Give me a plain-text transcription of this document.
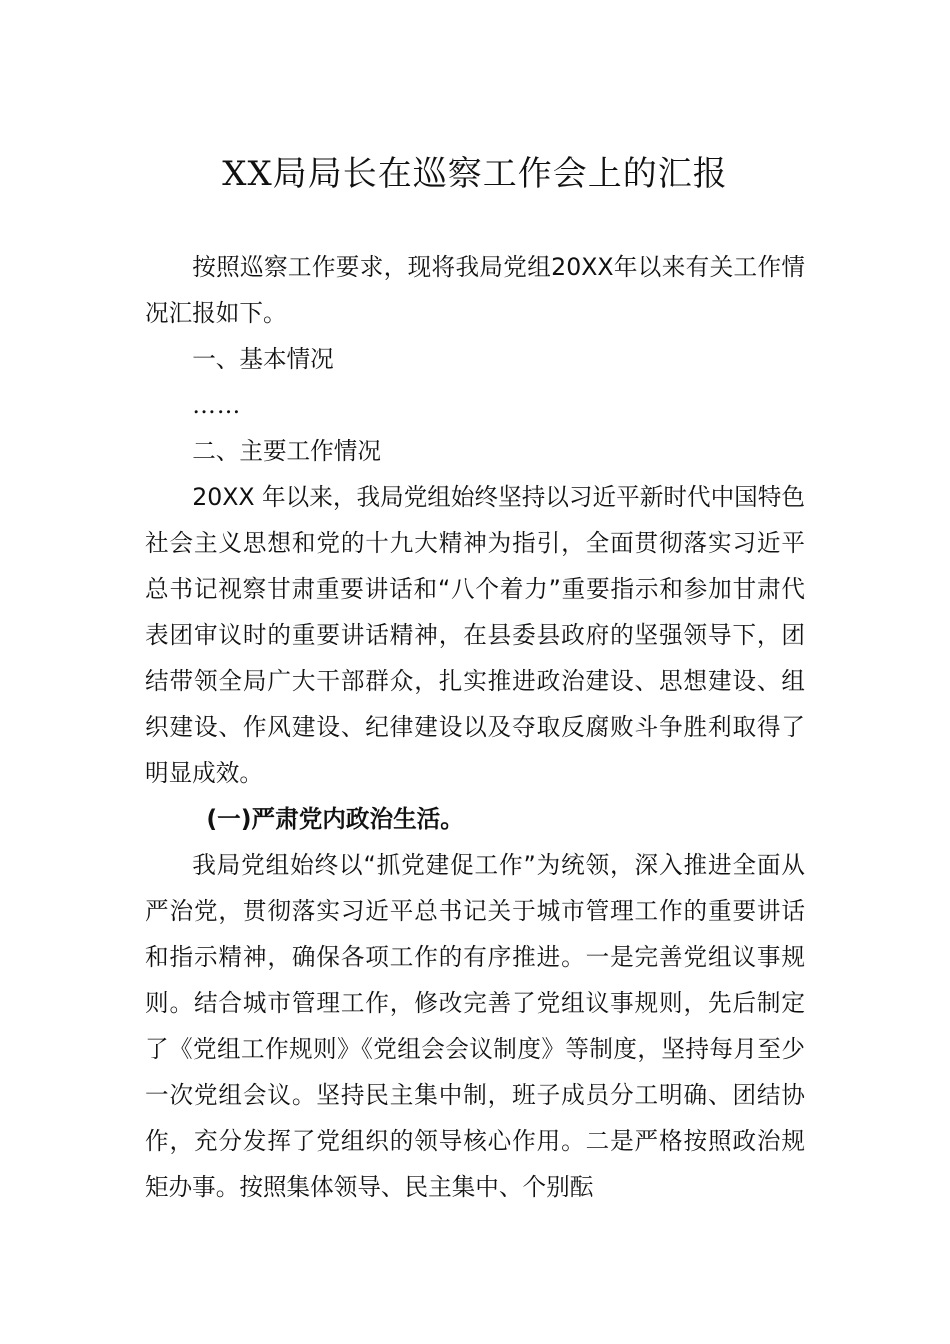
XX局局长在巡察工作会上的汇报

按照巡察工作要求，现将我局党组20XX年以来有关工作情况汇报如下。

一、基本情况

……

二、主要工作情况

20XX 年以来，我局党组始终坚持以习近平新时代中国特色社会主义思想和党的十九大精神为指引，全面贯彻落实习近平总书记视察甘肃重要讲话和“八个着力”重要指示和参加甘肃代表团审议时的重要讲话精神，在县委县政府的坚强领导下，团结带领全局广大干部群众，扎实推进政治建设、思想建设、组织建设、作风建设、纪律建设以及夺取反腐败斗争胜利取得了明显成效。

(一)严肃党内政治生活。

我局党组始终以“抓党建促工作”为统领，深入推进全面从严治党，贯彻落实习近平总书记关于城市管理工作的重要讲话和指示精神，确保各项工作的有序推进。一是完善党组议事规则。结合城市管理工作，修改完善了党组议事规则，先后制定了《党组工作规则》《党组会会议制度》等制度，坚持每月至少一次党组会议。坚持民主集中制，班子成员分工明确、团结协作，充分发挥了党组织的领导核心作用。二是严格按照政治规矩办事。按照集体领导、民主集中、个别酝
